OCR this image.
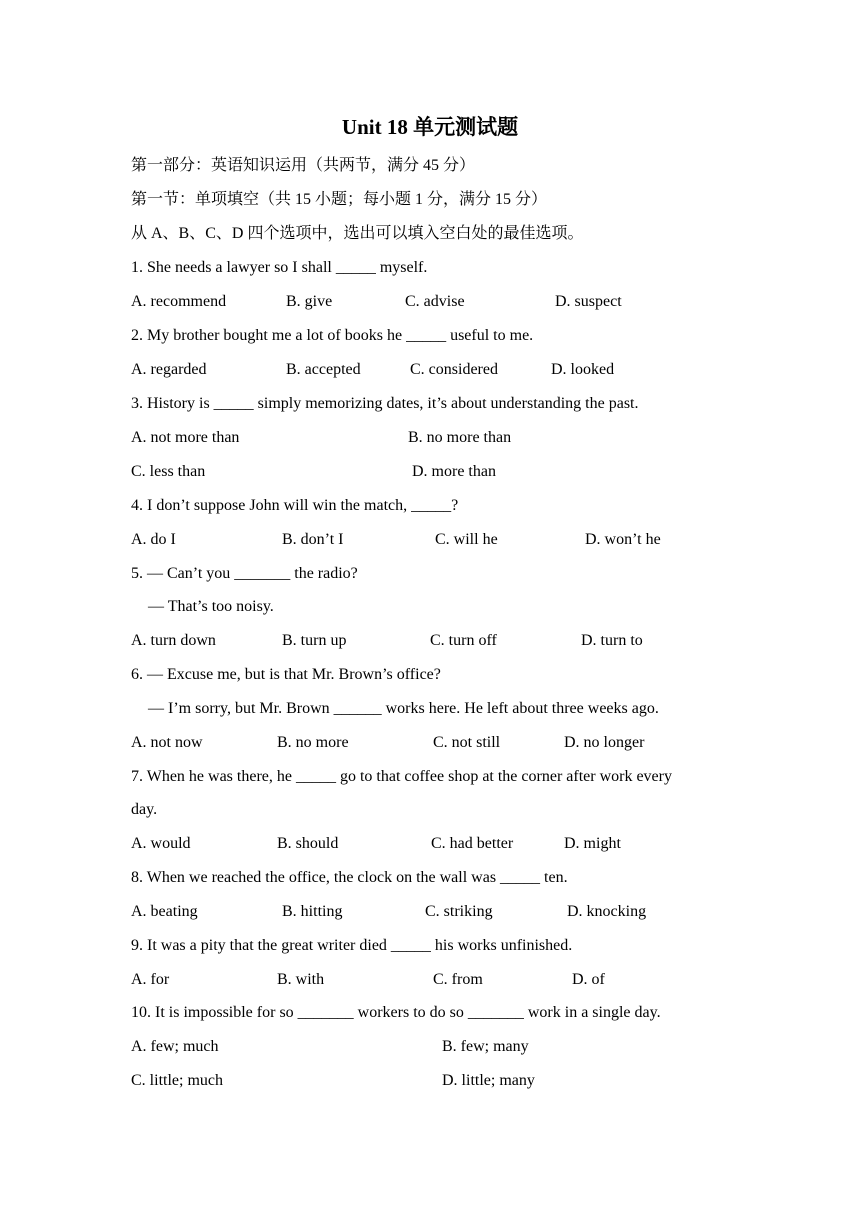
Unit 18 单元测试题
第一部分：英语知识运用（共两节，满分 45 分）
第一节：单项填空（共 15 小题；每小题 1 分，满分 15 分）
从 A、B、C、D 四个选项中，选出可以填入空白处的最佳选项。
1. She needs a lawyer so I shall _____ myself.
A. recommend	B. give	C. advise	D. suspect
2. My brother bought me a lot of books he _____ useful to me.
A. regarded	B. accepted	C. considered	D. looked
3. History is _____ simply memorizing dates, it’s about understanding the past.
A. not more than	B. no more than
C. less than	D. more than
4. I don’t suppose John will win the match, _____?
A. do I	B. don’t I	C. will he	D. won’t he
5. — Can’t you _______ the radio?
— That’s too noisy.
A. turn down	B. turn up	C. turn off	D. turn to
6. — Excuse me, but is that Mr. Brown’s office?
— I’m sorry, but Mr. Brown ______ works here. He left about three weeks ago.
A. not now	B. no more	C. not still	D. no longer
7. When he was there, he _____ go to that coffee shop at the corner after work every
day.
A. would	B. should	C. had better	D. might
8. When we reached the office, the clock on the wall was _____ ten.
A. beating	B. hitting	C. striking	D. knocking
9. It was a pity that the great writer died _____ his works unfinished.
A. for	B. with	C. from	D. of
10. It is impossible for so _______ workers to do so _______ work in a single day.
A. few; much	B. few; many
C. little; much	D. little; many
